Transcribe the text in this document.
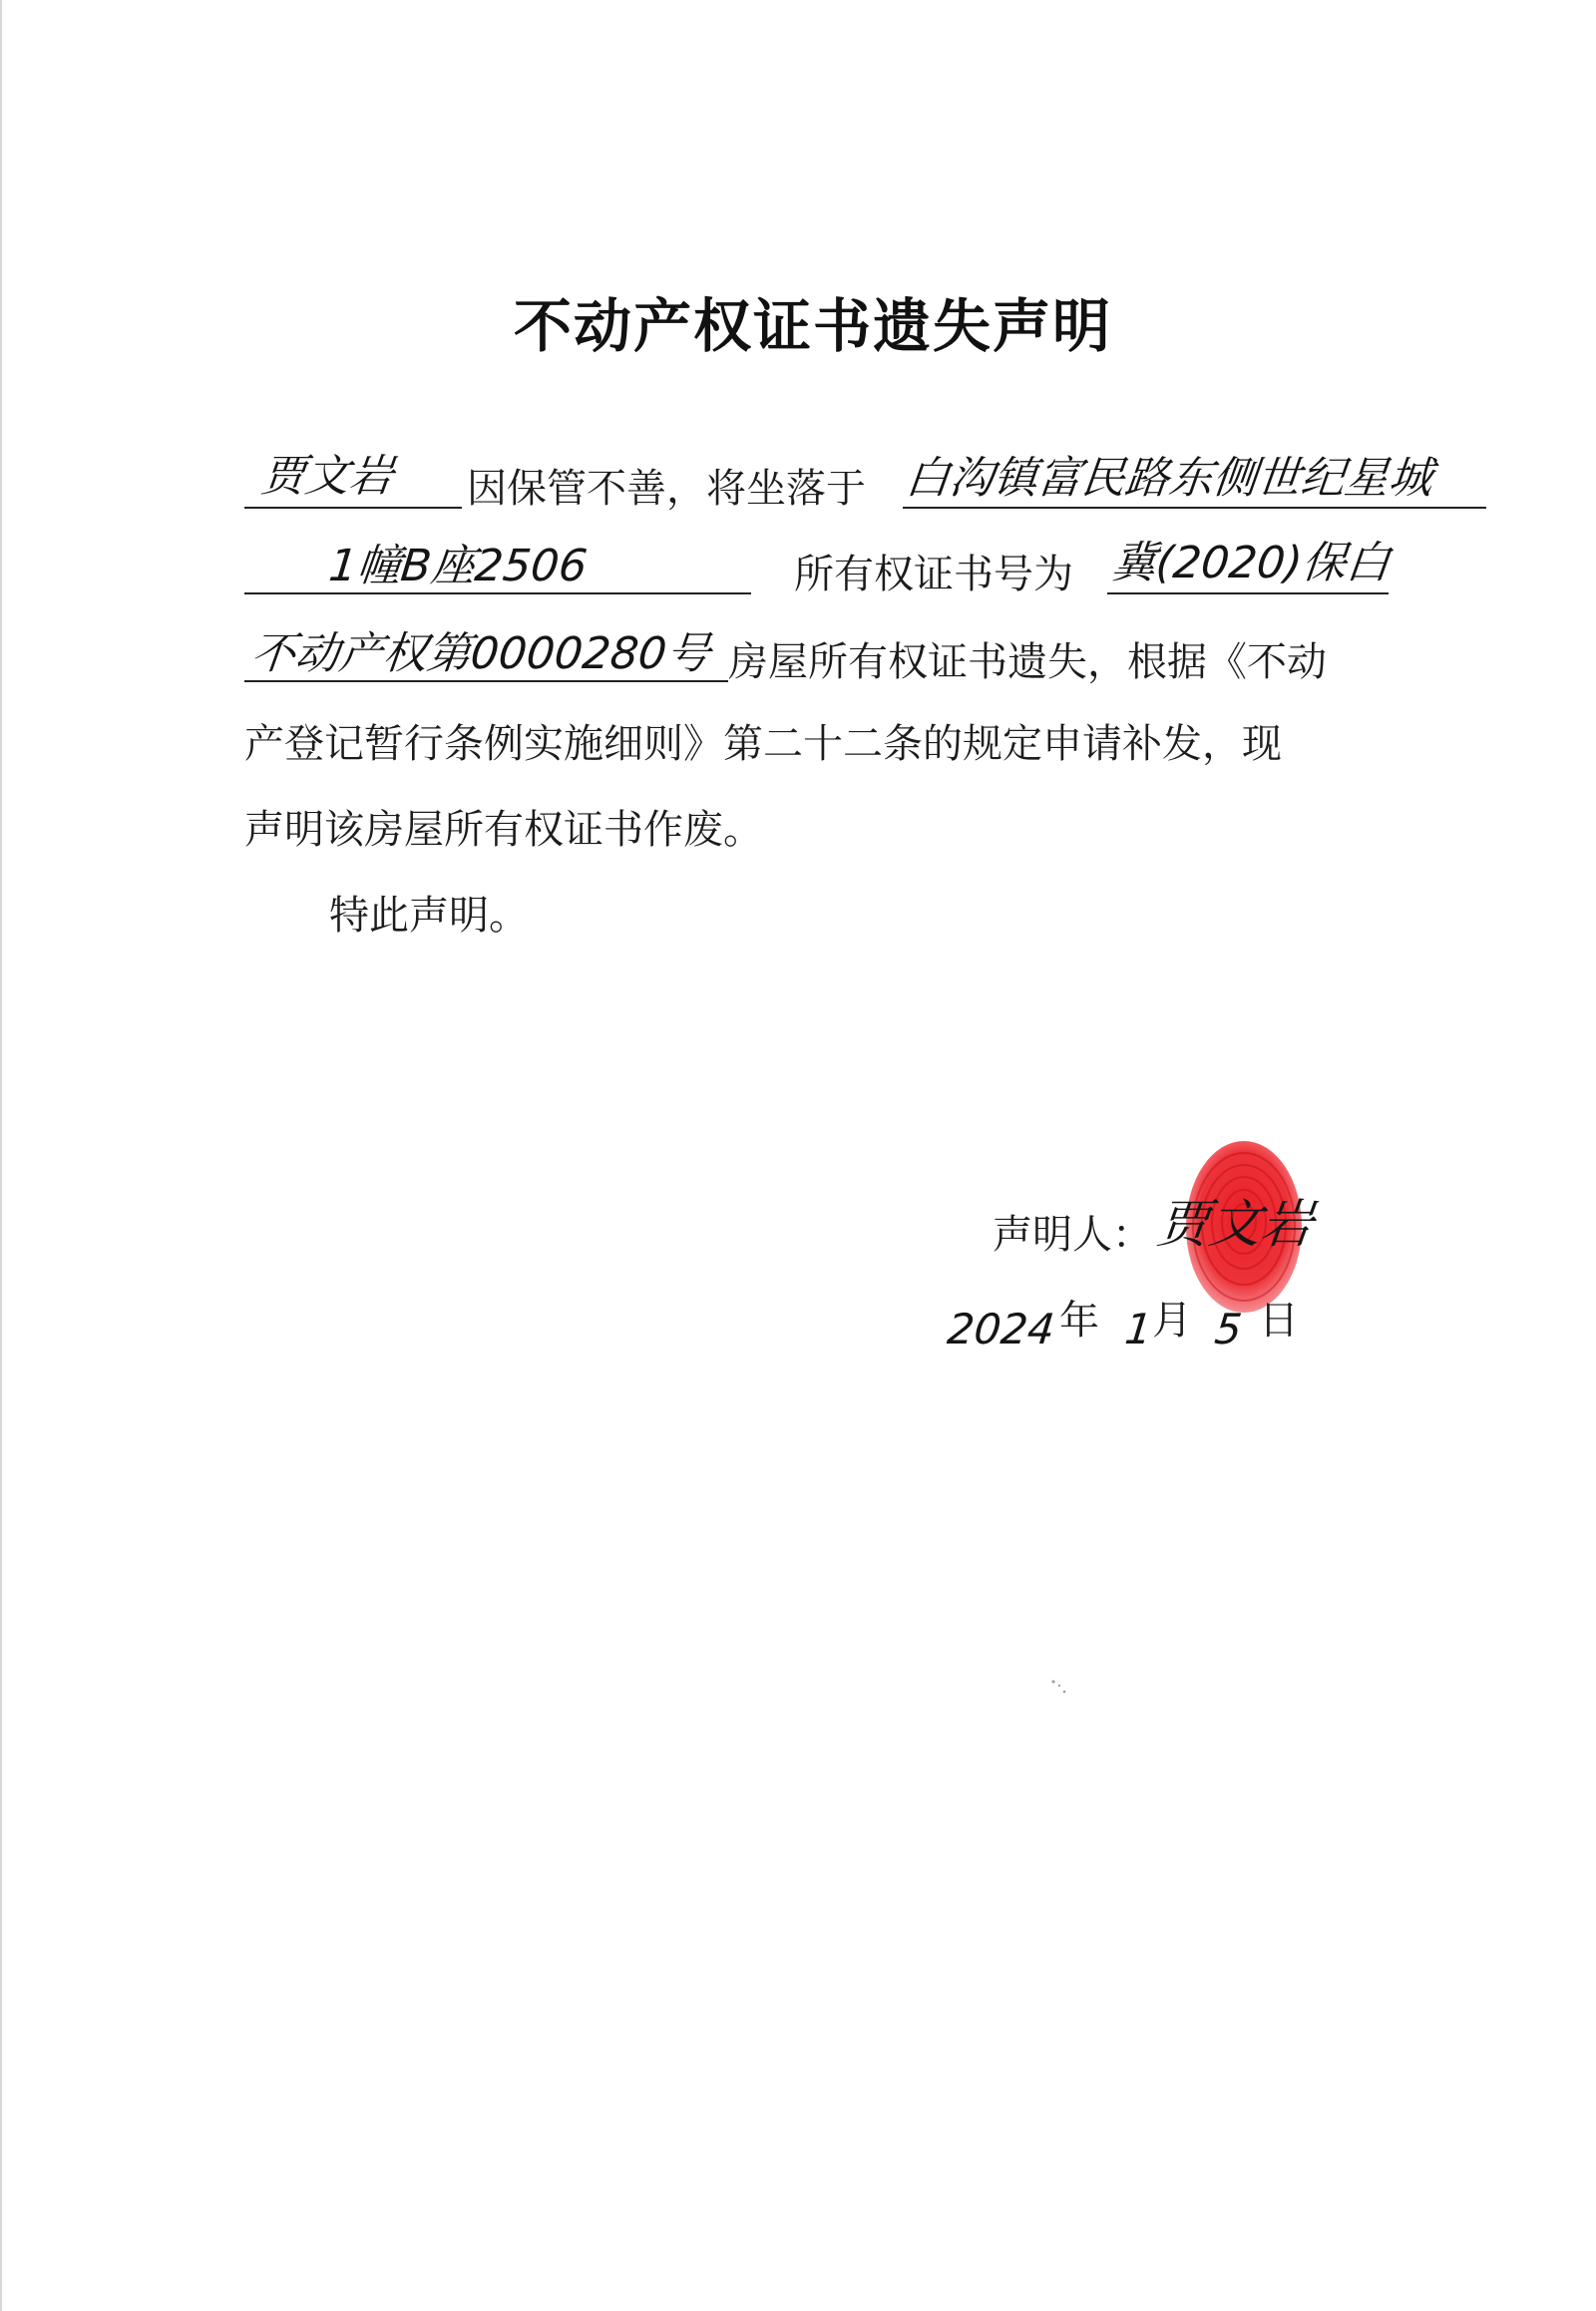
不动产权证书遗失声明
贾文岩 因保管不善，将坐落于 白沟镇富民路东侧世纪星城
1幢B座2506	所有权证书号为 冀(2020)保白
不动产权第0000280号 房屋所有权证书遗失，根据《不动
产登记暂行条例实施细则》第二十二条的规定申请补发，现
声明该房屋所有权证书作废。
特此声明。
声明人： 贾文岩
2024 年 1
月 5 日
